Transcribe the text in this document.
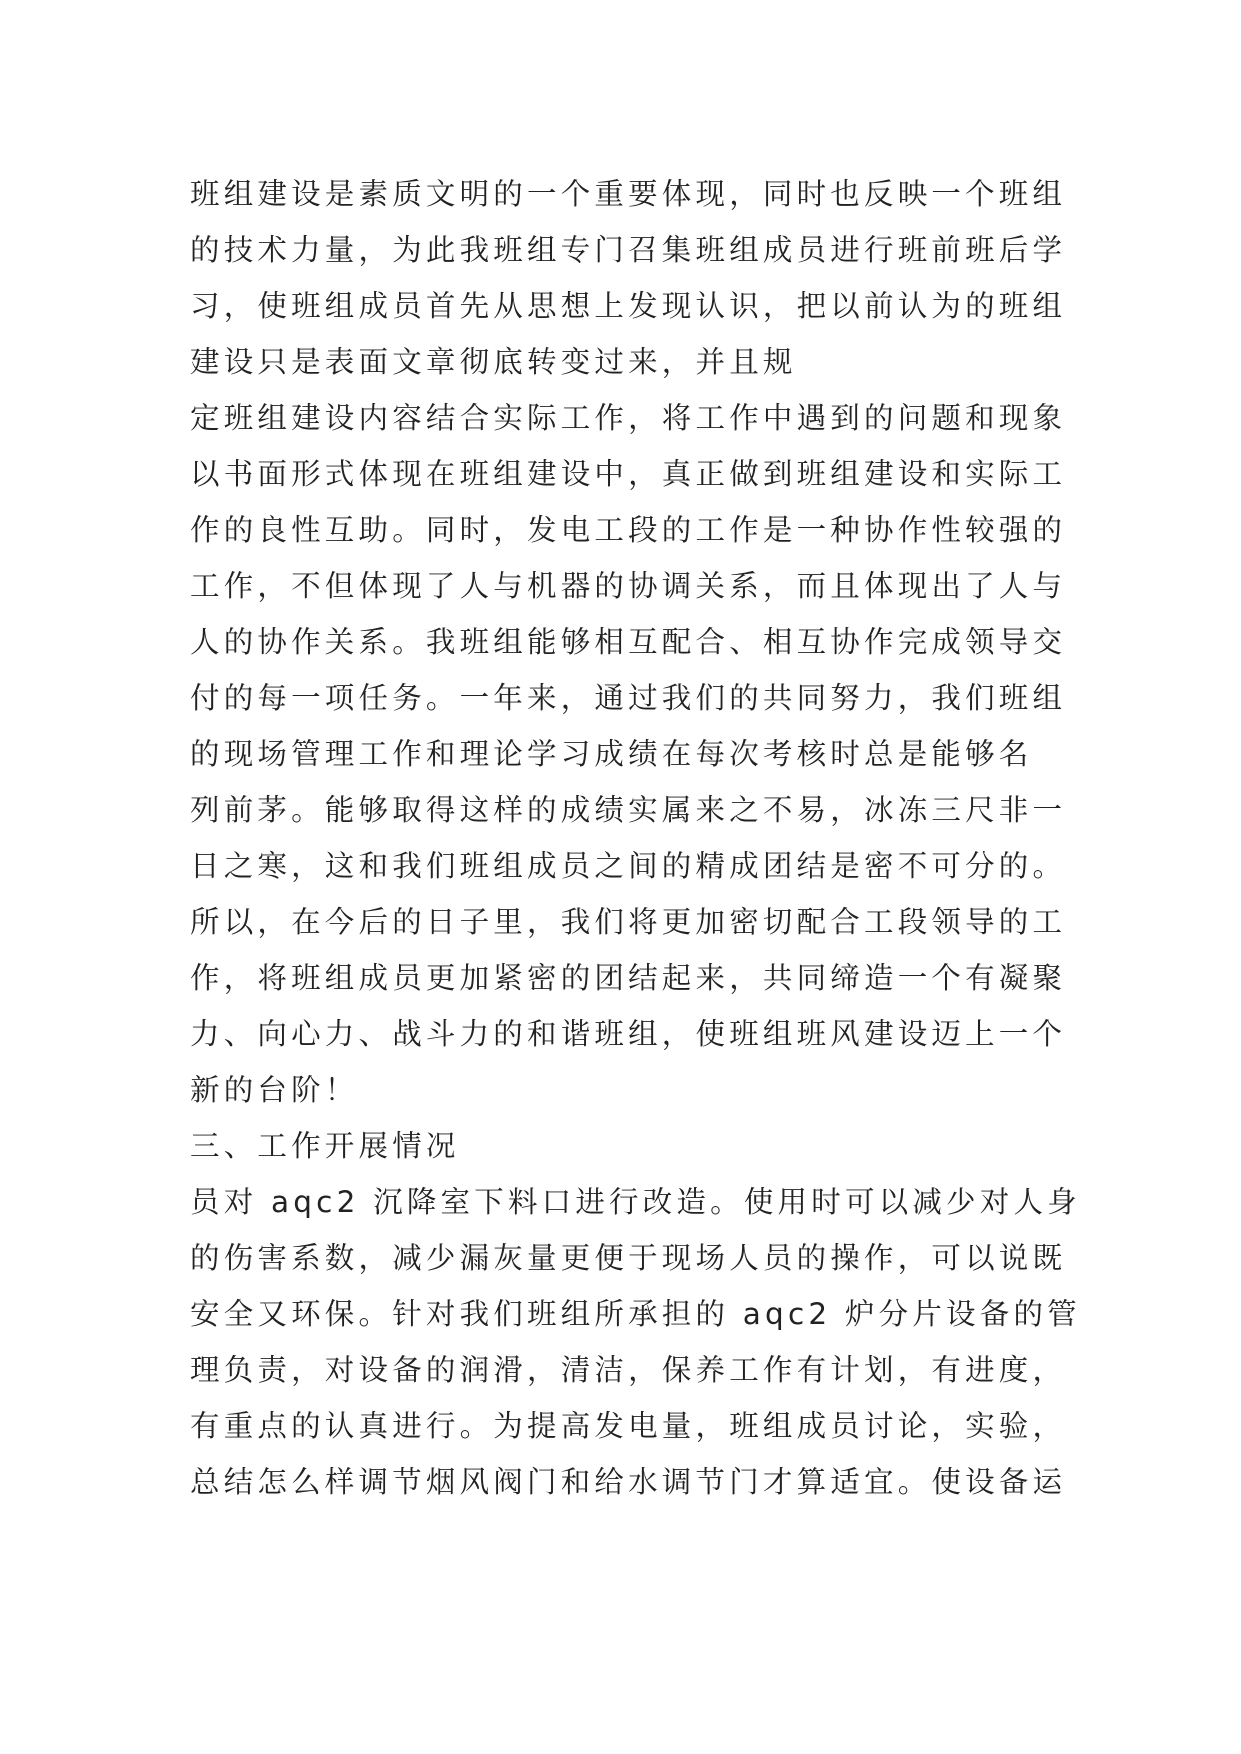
班组建设是素质文明的一个重要体现，同时也反映一个班组
的技术力量，为此我班组专门召集班组成员进行班前班后学
习，使班组成员首先从思想上发现认识，把以前认为的班组
建设只是表面文章彻底转变过来，并且规
定班组建设内容结合实际工作，将工作中遇到的问题和现象
以书面形式体现在班组建设中，真正做到班组建设和实际工
作的良性互助。同时，发电工段的工作是一种协作性较强的
工作，不但体现了人与机器的协调关系，而且体现出了人与
人的协作关系。我班组能够相互配合、相互协作完成领导交
付的每一项任务。一年来，通过我们的共同努力，我们班组
的现场管理工作和理论学习成绩在每次考核时总是能够名
列前茅。能够取得这样的成绩实属来之不易，冰冻三尺非一
日之寒，这和我们班组成员之间的精成团结是密不可分的。
所以，在今后的日子里，我们将更加密切配合工段领导的工
作，将班组成员更加紧密的团结起来，共同缔造一个有凝聚
力、向心力、战斗力的和谐班组，使班组班风建设迈上一个
新的台阶！
三、工作开展情况
员对 aqc2 沉降室下料口进行改造。使用时可以减少对人身
的伤害系数，减少漏灰量更便于现场人员的操作，可以说既
安全又环保。针对我们班组所承担的 aqc2 炉分片设备的管
理负责，对设备的润滑，清洁，保养工作有计划，有进度，
有重点的认真进行。为提高发电量，班组成员讨论，实验，
总结怎么样调节烟风阀门和给水调节门才算适宜。使设备运
